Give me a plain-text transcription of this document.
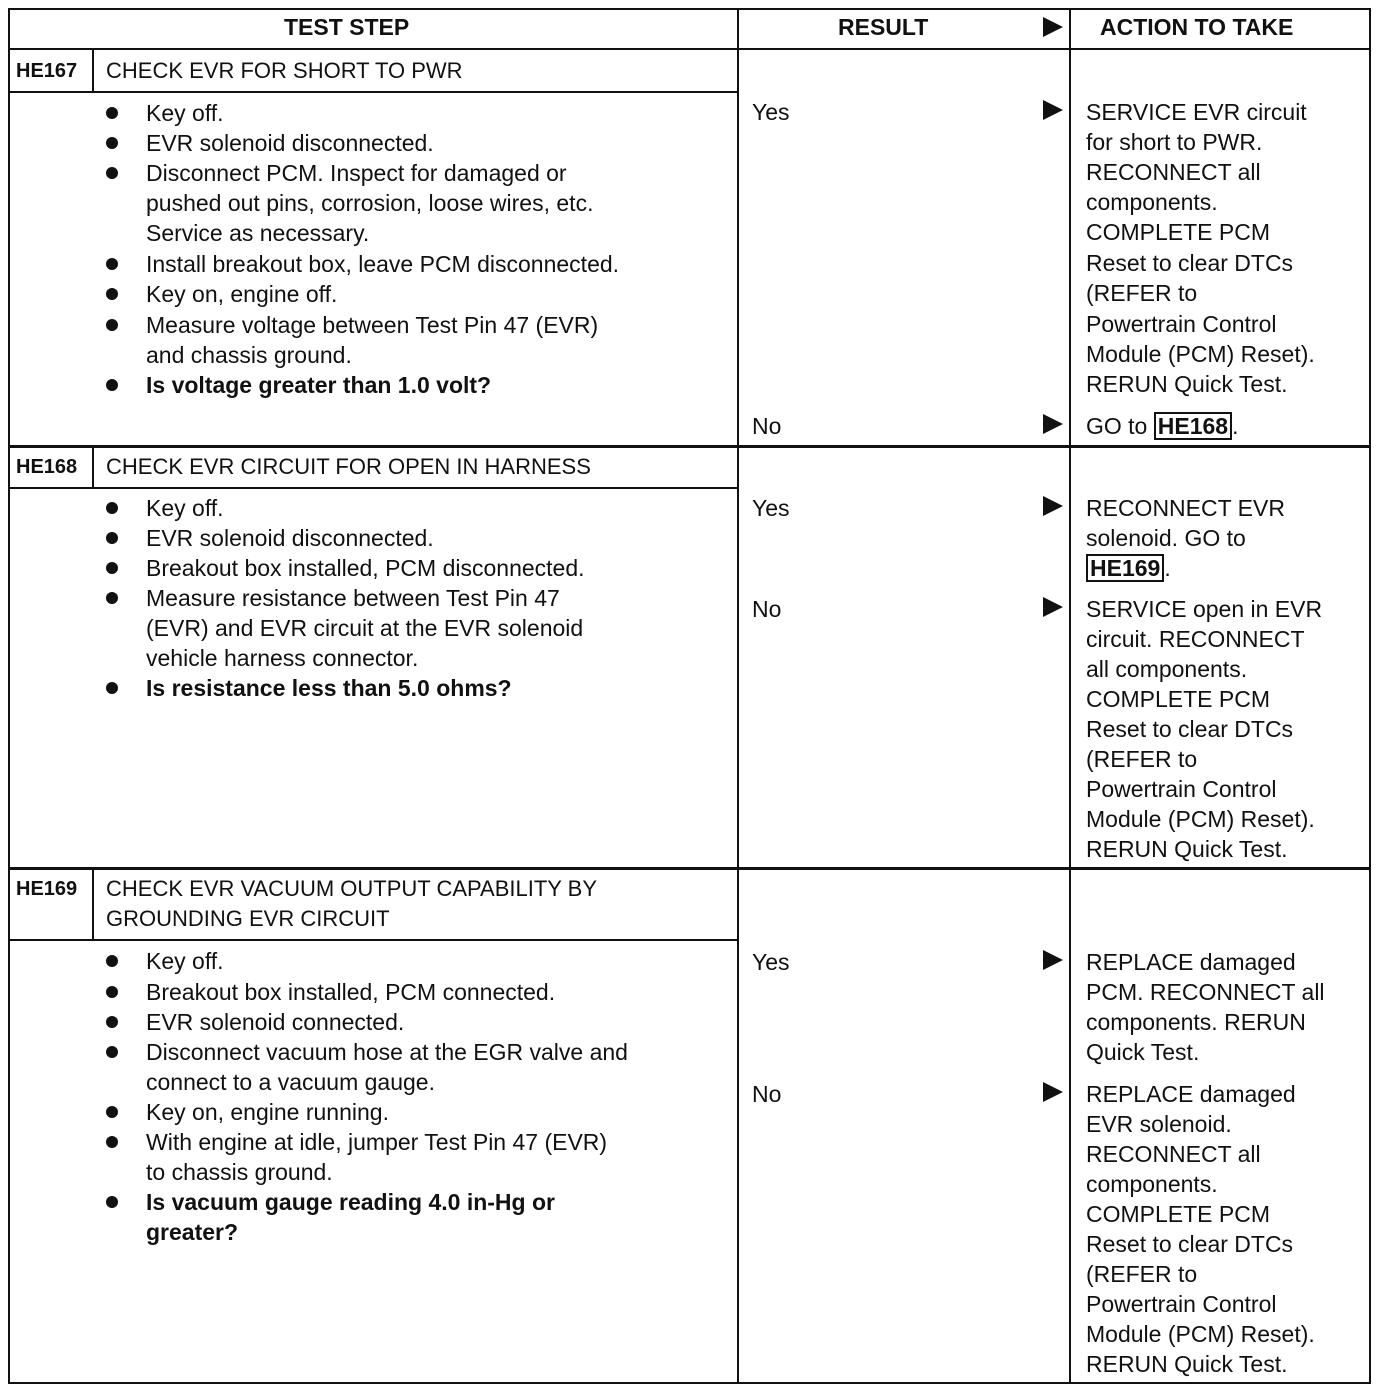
TEST STEP	RESULT	ACTION TO TAKE
HE167 CHECK EVR FOR SHORT TO PWR
Key off.
EVR solenoid disconnected.
Disconnect PCM. Inspect for damaged or
pushed out pins, corrosion, loose wires, etc.
Service as necessary.
Install breakout box, leave PCM disconnected.
Key on, engine off.
Measure voltage between Test Pin 47 (EVR)
and chassis ground.
Is voltage greater than 1.0 volt?
Yes	SERVICE EVR circuit
for short to PWR.
RECONNECT all
components.
COMPLETE PCM
Reset to clear DTCs
(REFER to
Powertrain Control
Module (PCM) Reset).
RERUN Quick Test.
No	GO to HE168 .
HE168 CHECK EVR CIRCUIT FOR OPEN IN HARNESS
Key off.
EVR solenoid disconnected.
Breakout box installed, PCM disconnected.
Measure resistance between Test Pin 47
(EVR) and EVR circuit at the EVR solenoid
vehicle harness connector.
Is resistance less than 5.0 ohms?
Yes	RECONNECT EVR
solenoid. GO to
HE169 .
No	SERVICE open in EVR
circuit. RECONNECT
all components.
COMPLETE PCM
Reset to clear DTCs
(REFER to
Powertrain Control
Module (PCM) Reset).
RERUN Quick Test.
HE169 CHECK EVR VACUUM OUTPUT CAPABILITY BY
GROUNDING EVR CIRCUIT
Key off.
Breakout box installed, PCM connected.
EVR solenoid connected.
Disconnect vacuum hose at the EGR valve and
connect to a vacuum gauge.
Key on, engine running.
With engine at idle, jumper Test Pin 47 (EVR)
to chassis ground.
Is vacuum gauge reading 4.0 in-Hg or
greater?
Yes	REPLACE damaged
PCM. RECONNECT all
components. RERUN
Quick Test.
No	REPLACE damaged
EVR solenoid.
RECONNECT all
components.
COMPLETE PCM
Reset to clear DTCs
(REFER to
Powertrain Control
Module (PCM) Reset).
RERUN Quick Test.
